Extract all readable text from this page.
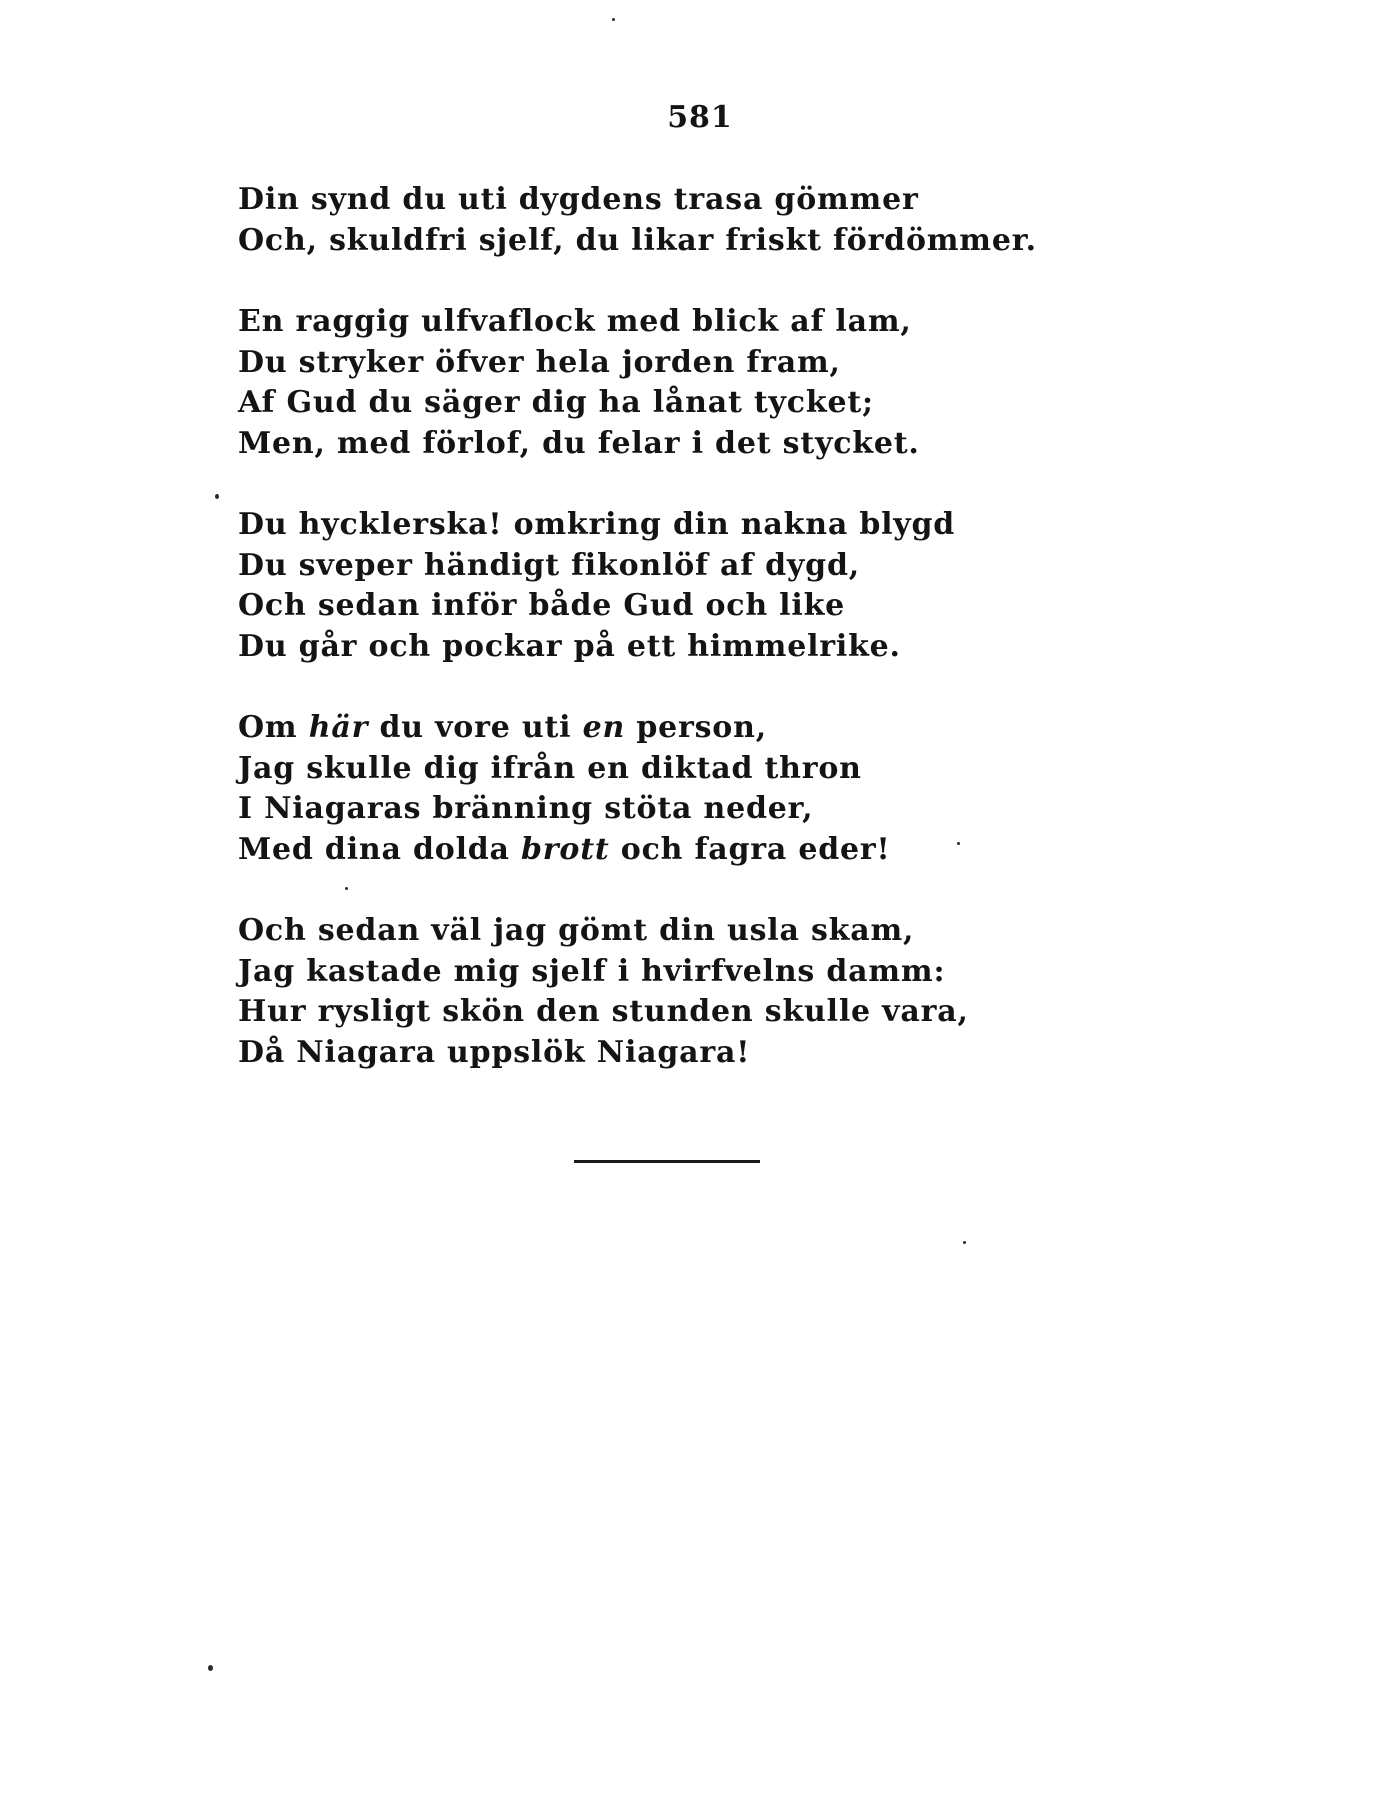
581
Din synd du uti dygdens trasa gömmer
Och, skuldfri sjelf, du likar friskt fördömmer.
En raggig ulfvaflock med blick af lam,
Du stryker öfver hela jorden fram,
Af Gud du säger dig ha lånat tycket;
Men, med förlof, du felar i det stycket.
Du hycklerska! omkring din nakna blygd
Du sveper händigt fikonlöf af dygd,
Och sedan inför både Gud och like
Du går och pockar på ett himmelrike.
Om här du vore uti en person,
Jag skulle dig ifrån en diktad thron
I Niagaras bränning stöta neder,
Med dina dolda brott och fagra eder!
Och sedan väl jag gömt din usla skam,
Jag kastade mig sjelf i hvirfvelns damm:
Hur rysligt skön den stunden skulle vara,
Då Niagara uppslök Niagara!
